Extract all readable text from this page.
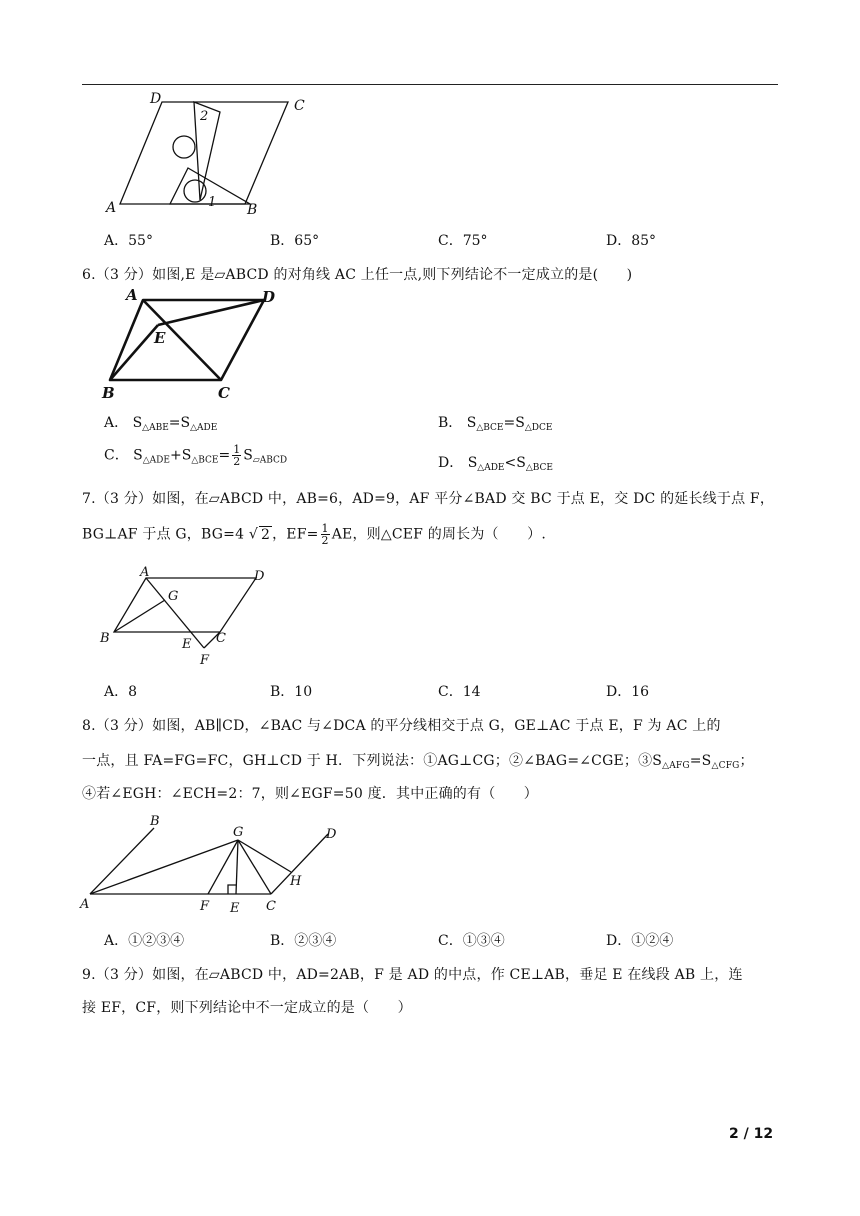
D	C
A	B
1
2
A．55°	B．65°	C．75°	D．85°
6.（3 分）如图,E 是▱ABCD 的对角线 AC 上任一点,则下列结论不一定成立的是(　　)
A	D
E
B	C
A． $S_{\triangle ABE}=S_{\triangle ADE}$	B． $S_{\triangle BCE}=S_{\triangle DCE}$
C． $S_{\triangle ADE}+S_{\triangle BCE}= \frac{1}{2} S_{▱ABCD}$	D． $S_{\triangle ADE}<S_{\triangle BCE}$
7.（3 分）如图，在▱ABCD 中，AB=6，AD=9，AF 平分∠BAD 交 BC 于点 E，交 DC 的延长线于点 F，
BG⊥AF 于点 G，BG=4 √ 2 ，$EF= \frac{1}{2}$ AE，则△CEF 的周长为（　　）.
A	D
G
B	E C
F
A．8	B．10	C．14	D．16
8.（3 分）如图，AB∥CD，∠BAC 与∠DCA 的平分线相交于点 G，GE⊥AC 于点 E，F 为 AC 上的
一点，且 FA=FG=FC，GH⊥CD 于 H．下列说法：①AG⊥CG；②∠BAG=∠CGE；$③S_{\triangle AFG}=S_{\triangle CFG}$；
④若∠EGH：∠ECH=2：7，则∠EGF=50 度．其中正确的有（　　）
B
G	D
H
A	F E C
A．①②③④	B．②③④	C．①③④	D．①②④
9.（3 分）如图，在▱ABCD 中，AD=2AB，F 是 AD 的中点，作 CE⊥AB，垂足 E 在线段 AB 上，连
接 EF，CF，则下列结论中不一定成立的是（　　）
2 / 12
